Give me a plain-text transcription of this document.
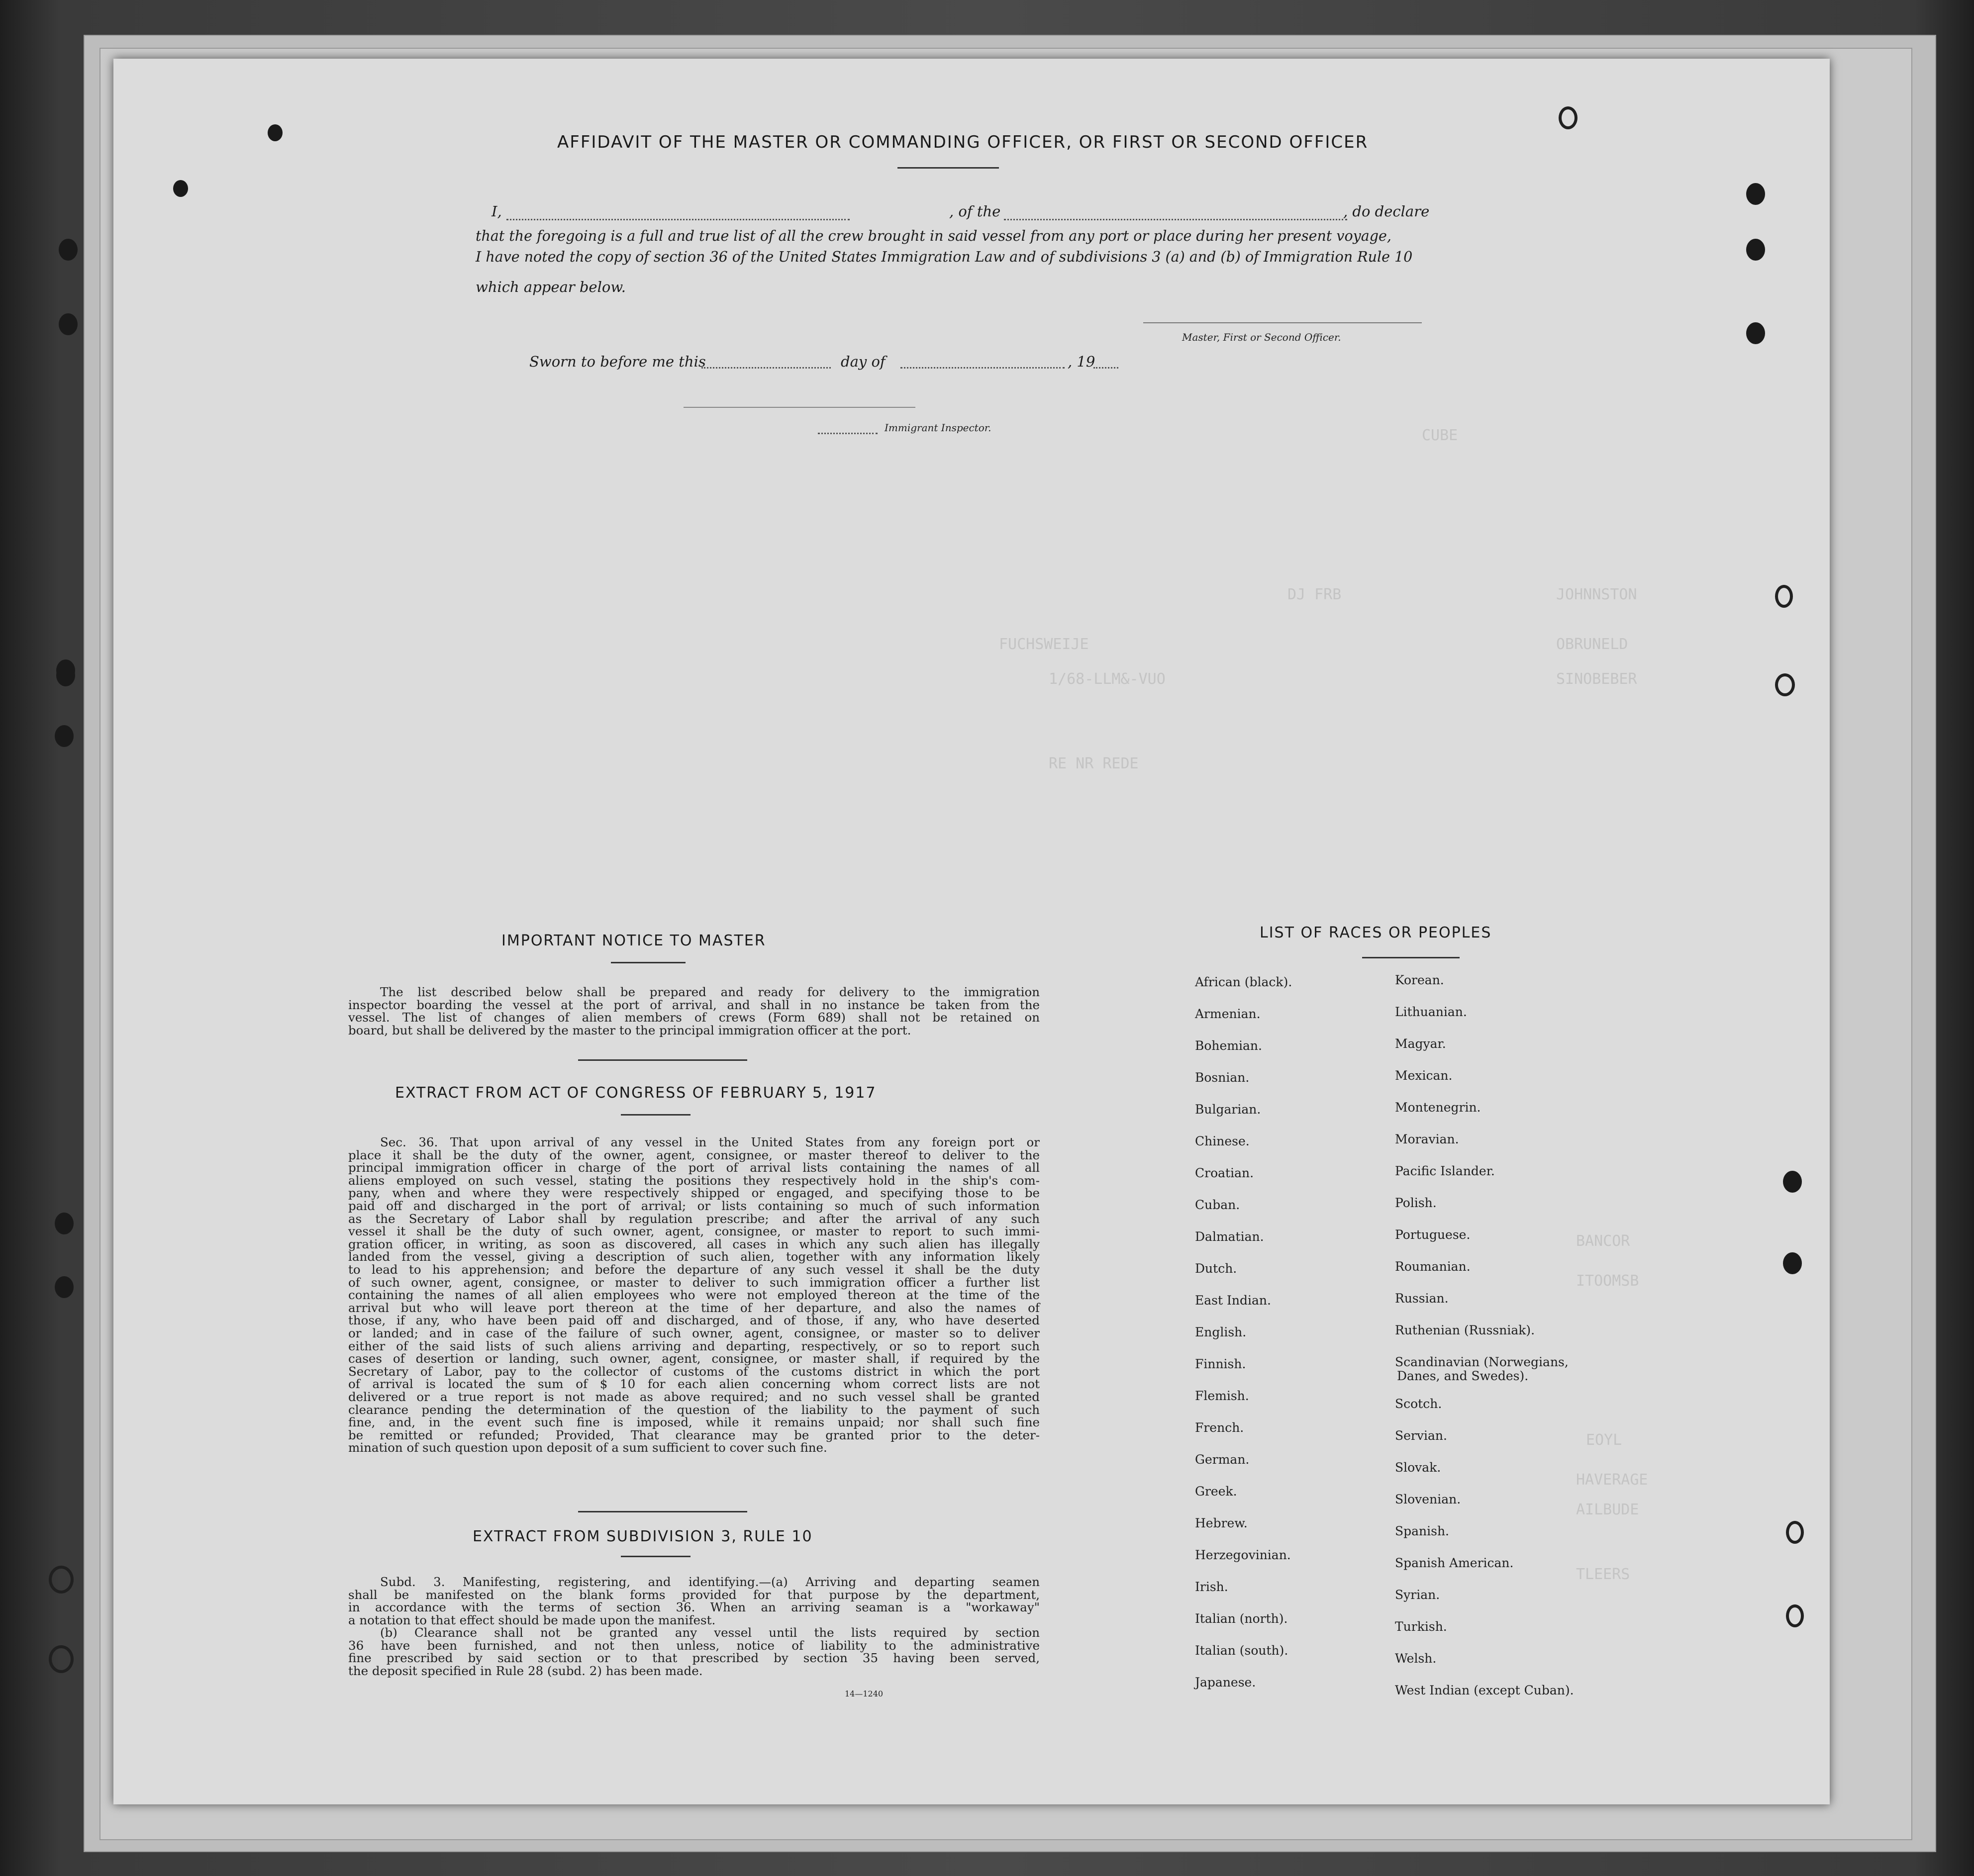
CUBE
DJ FRB	JOHNNSTON
FUCHSWEIJE	OBRUNELD
1/68-LLM&-VUO	SINOBEBER
RE NR REDE
BANCOR
ITOOMSB
EOYL
HAVERAGE
AILBUDE
TLEERS
AFFIDAVIT OF THE MASTER OR COMMANDING OFFICER, OR FIRST OR SECOND OFFICER
I,	, of the	, do declare
that the foregoing is a full and true list of all the crew brought in said vessel from any port or place during her present voyage,
I have noted the copy of section 36 of the United States Immigration Law and of subdivisions 3 (a) and (b) of Immigration Rule 10
which appear below.
Master, First or Second Officer.
Sworn to before me this	day of	, 19
Immigrant Inspector.
IMPORTANT NOTICE TO MASTER
The list described below shall be prepared and ready for delivery to the immigration
inspector boarding the vessel at the port of arrival, and shall in no instance be taken from the
vessel. The list of changes of alien members of crews (Form 689) shall not be retained on
board, but shall be delivered by the master to the principal immigration officer at the port.
EXTRACT FROM ACT OF CONGRESS OF FEBRUARY 5, 1917
Sec. 36. That upon arrival of any vessel in the United States from any foreign port or
place it shall be the duty of the owner, agent, consignee, or master thereof to deliver to the
principal immigration officer in charge of the port of arrival lists containing the names of all
aliens employed on such vessel, stating the positions they respectively hold in the ship's com-
pany, when and where they were respectively shipped or engaged, and specifying those to be
paid off and discharged in the port of arrival; or lists containing so much of such information
as the Secretary of Labor shall by regulation prescribe; and after the arrival of any such
vessel it shall be the duty of such owner, agent, consignee, or master to report to such immi-
gration officer, in writing, as soon as discovered, all cases in which any such alien has illegally
landed from the vessel, giving a description of such alien, together with any information likely
to lead to his apprehension; and before the departure of any such vessel it shall be the duty
of such owner, agent, consignee, or master to deliver to such immigration officer a further list
containing the names of all alien employees who were not employed thereon at the time of the
arrival but who will leave port thereon at the time of her departure, and also the names of
those, if any, who have been paid off and discharged, and of those, if any, who have deserted
or landed; and in case of the failure of such owner, agent, consignee, or master so to deliver
either of the said lists of such aliens arriving and departing, respectively, or so to report such
cases of desertion or landing, such owner, agent, consignee, or master shall, if required by the
Secretary of Labor, pay to the collector of customs of the customs district in which the port
of arrival is located the sum of $ 10 for each alien concerning whom correct lists are not
delivered or a true report is not made as above required; and no such vessel shall be granted
clearance pending the determination of the question of the liability to the payment of such
fine, and, in the event such fine is imposed, while it remains unpaid; nor shall such fine
be remitted or refunded; Provided, That clearance may be granted prior to the deter-
mination of such question upon deposit of a sum sufficient to cover such fine.
EXTRACT FROM SUBDIVISION 3, RULE 10
Subd. 3. Manifesting, registering, and identifying.—(a) Arriving and departing seamen
shall be manifested on the blank forms provided for that purpose by the department,
in accordance with the terms of section 36. When an arriving seaman is a "workaway"
a notation to that effect should be made upon the manifest.
(b) Clearance shall not be granted any vessel until the lists required by section
36 have been furnished, and not then unless, notice of liability to the administrative
fine prescribed by said section or to that prescribed by section 35 having been served,
the deposit specified in Rule 28 (subd. 2) has been made.
14—1240
LIST OF RACES OR PEOPLES
African (black).
Armenian.
Bohemian.
Bosnian.
Bulgarian.
Chinese.
Croatian.
Cuban.
Dalmatian.
Dutch.
East Indian.
English.
Finnish.
Flemish.
French.
German.
Greek.
Hebrew.
Herzegovinian.
Irish.
Italian (north).
Italian (south).
Japanese.
Korean.
Lithuanian.
Magyar.
Mexican.
Montenegrin.
Moravian.
Pacific Islander.
Polish.
Portuguese.
Roumanian.
Russian.
Ruthenian (Russniak).
Scandinavian (Norwegians,
Danes, and Swedes).
Scotch.
Servian.
Slovak.
Slovenian.
Spanish.
Spanish American.
Syrian.
Turkish.
Welsh.
West Indian (except Cuban).
